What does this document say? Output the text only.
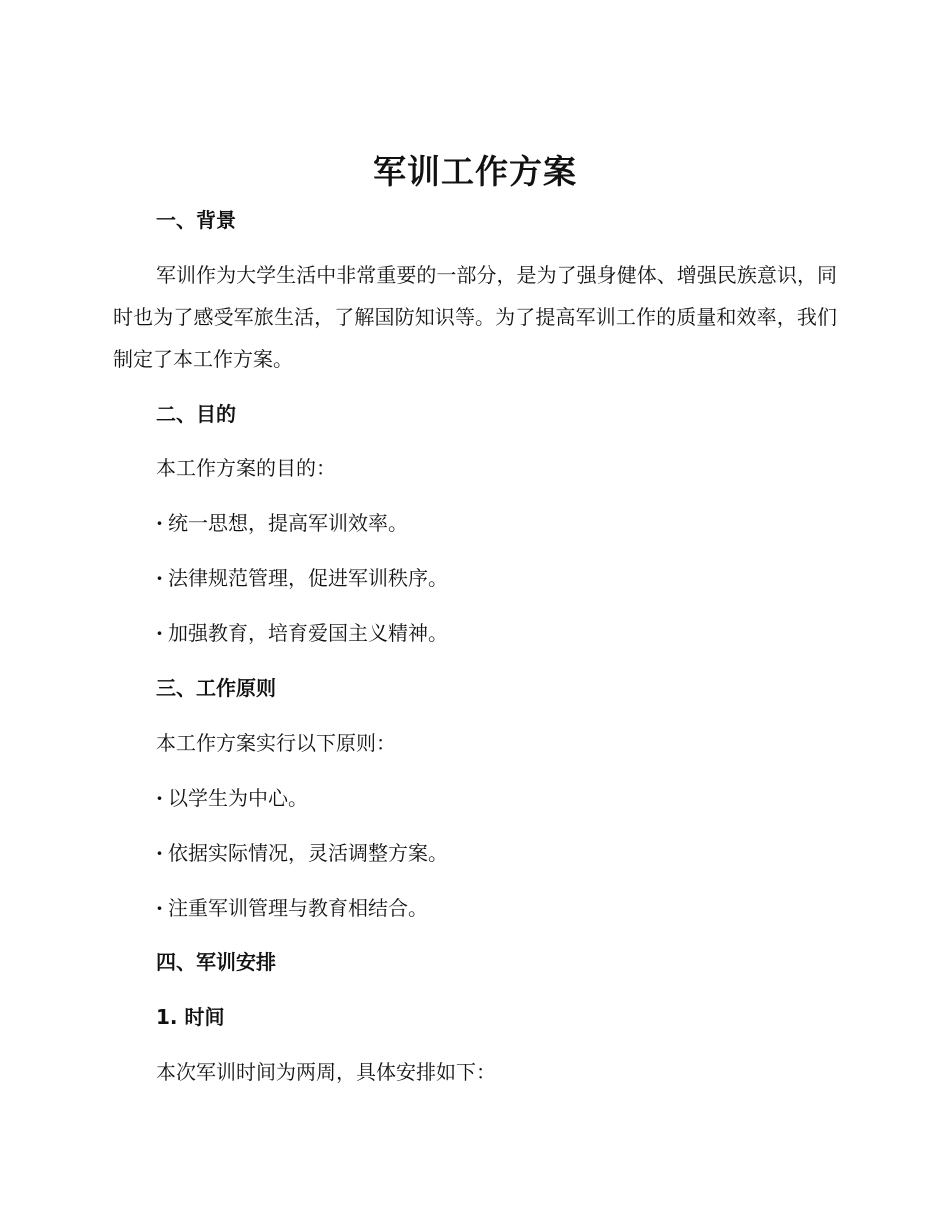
军训工作方案
一、背景
军训作为大学生活中非常重要的一部分，是为了强身健体、增强民族意识，同时也为了感受军旅生活，了解国防知识等。为了提高军训工作的质量和效率，我们制定了本工作方案。
二、目的
本工作方案的目的：
· 统一思想，提高军训效率。
· 法律规范管理，促进军训秩序。
· 加强教育，培育爱国主义精神。
三、工作原则
本工作方案实行以下原则：
· 以学生为中心。
· 依据实际情况，灵活调整方案。
· 注重军训管理与教育相结合。
四、军训安排
1. 时间
本次军训时间为两周，具体安排如下：
